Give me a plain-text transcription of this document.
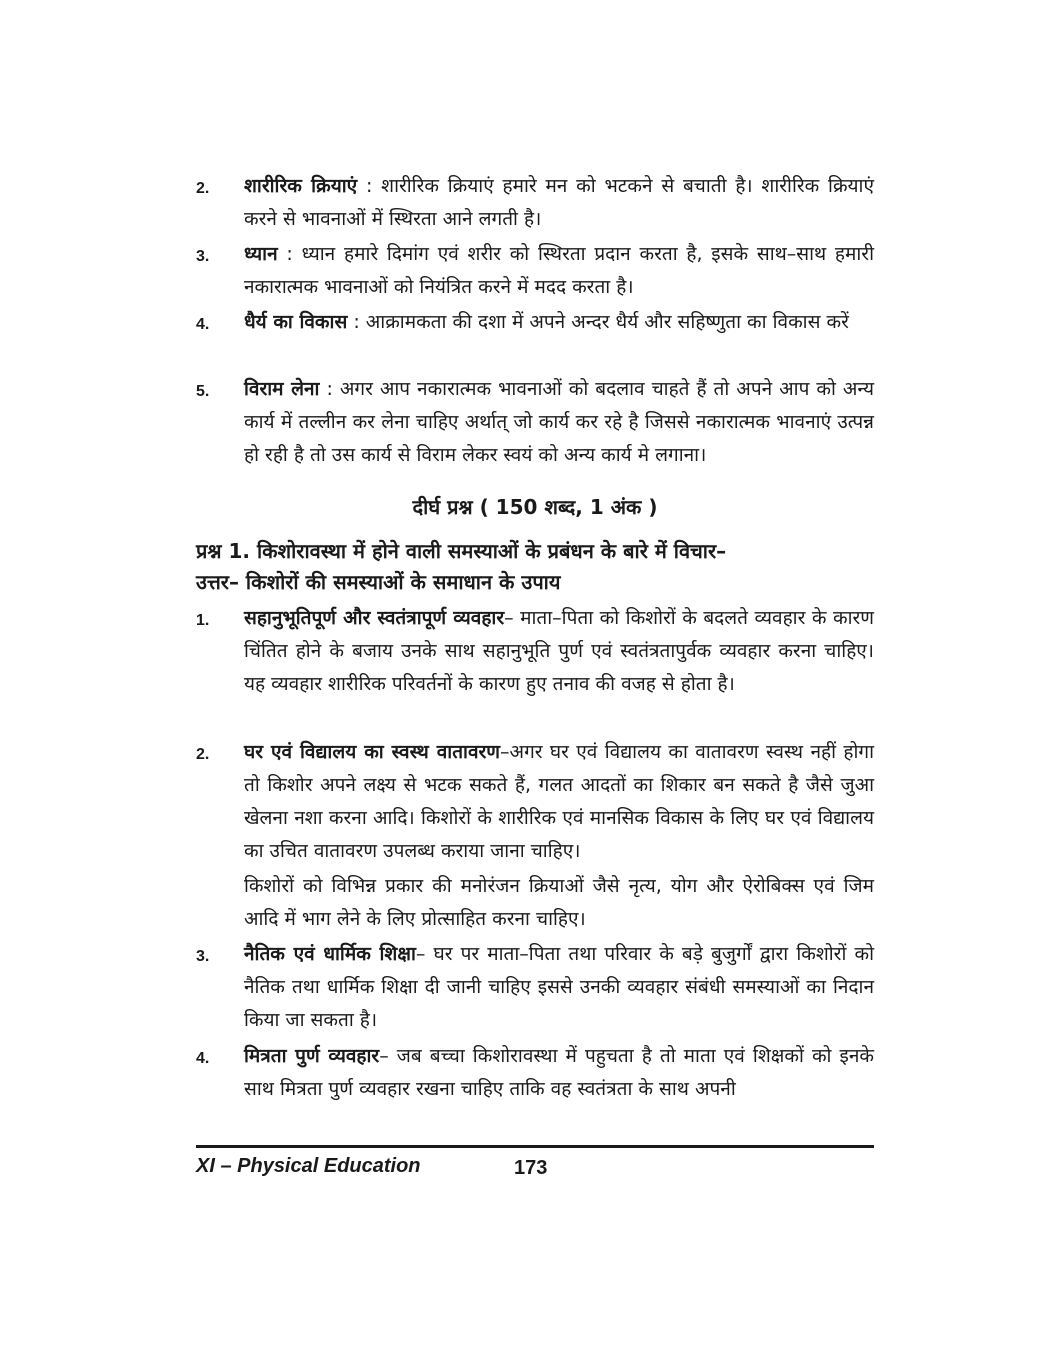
2.	शारीरिक क्रियाएं : शारीरिक क्रियाएं हमारे मन को भटकने से बचाती है। शारीरिक क्रियाएं करने से भावनाओं में स्थिरता आने लगती है।
3.	ध्यान : ध्यान हमारे दिमांग एवं शरीर को स्थिरता प्रदान करता है, इसके साथ–साथ हमारी नकारात्मक भावनाओं को नियंत्रित करने में मदद करता है।
4.	धैर्य का विकास : आक्रामकता की दशा में अपने अन्दर धैर्य और सहिष्णुता का विकास करें
5.	विराम लेना : अगर आप नकारात्मक भावनाओं को बदलाव चाहते हैं तो अपने आप को अन्य कार्य में तल्लीन कर लेना चाहिए अर्थात् जो कार्य कर रहे है जिससे नकारात्मक भावनाएं उत्पन्न हो रही है तो उस कार्य से विराम लेकर स्वयं को अन्य कार्य मे लगाना।
दीर्घ प्रश्न ( 150 शब्द, 1 अंक )
प्रश्न 1. किशोरावस्था में होने वाली समस्याओं के प्रबंधन के बारे में विचार–
उत्तर– किशोरों की समस्याओं के समाधान के उपाय
1.	सहानुभूतिपूर्ण और स्वतंत्रापूर्ण व्यवहार– माता–पिता को किशोरों के बदलते व्यवहार के कारण चिंतित होने के बजाय उनके साथ सहानुभूति पुर्ण एवं स्वतंत्रतापुर्वक व्यवहार करना चाहिए। यह व्यवहार शारीरिक परिवर्तनों के कारण हुए तनाव की वजह से होता है।
2.	घर एवं विद्यालय का स्वस्थ वातावरण–अगर घर एवं विद्यालय का वातावरण स्वस्थ नहीं होगा तो किशोर अपने लक्ष्य से भटक सकते हैं, गलत आदतों का शिकार बन सकते है जैसे जुआ खेलना नशा करना आदि। किशोरों के शारीरिक एवं मानसिक विकास के लिए घर एवं विद्यालय का उचित वातावरण उपलब्ध कराया जाना चाहिए।

किशोरों को विभिन्न प्रकार की मनोरंजन क्रियाओं जैसे नृत्य, योग और ऐरोबिक्स एवं जिम आदि में भाग लेने के लिए प्रोत्साहित करना चाहिए।

3.	नैतिक एवं धार्मिक शिक्षा– घर पर माता–पिता तथा परिवार के बड़े बुजुर्गों द्वारा किशोरों को नैतिक तथा धार्मिक शिक्षा दी जानी चाहिए इससे उनकी व्यवहार संबंधी समस्याओं का निदान किया जा सकता है।
4.	मित्रता पुर्ण व्यवहार– जब बच्चा किशोरावस्था में पहुचता है तो माता एवं शिक्षकों को इनके साथ मित्रता पुर्ण व्यवहार रखना चाहिए ताकि वह स्वतंत्रता के साथ अपनी
XI – Physical Education	173
